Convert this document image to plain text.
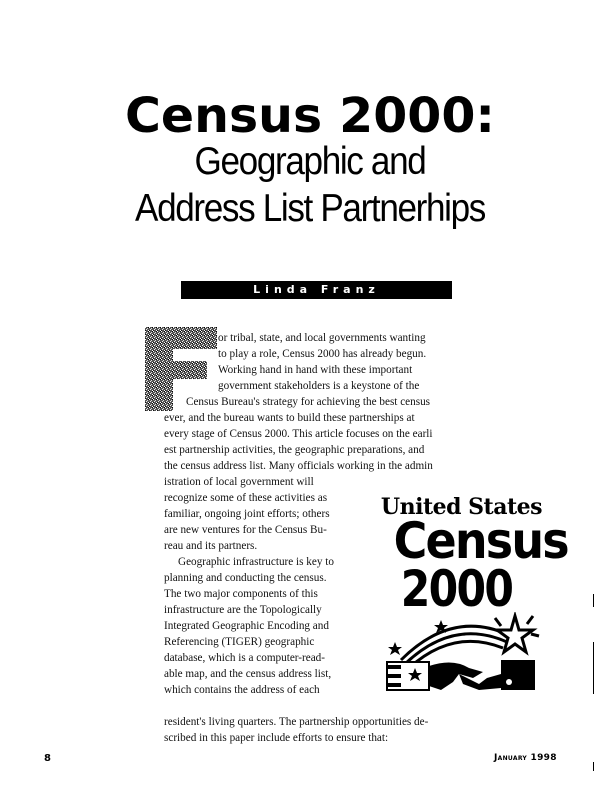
Census 2000:
Geographic and
Address List Partnerhips
Linda Franz
or tribal, state, and local governments wanting
to play a role, Census 2000 has already begun.
Working hand in hand with these important
government stakeholders is a keystone of the
Census Bureau's strategy for achieving the best census
ever, and the bureau wants to build these partnerships at
every stage of Census 2000. This article focuses on the earli
est partnership activities, the geographic preparations, and
the census address list. Many officials working in the admin
istration of local government will
recognize some of these activities as
familiar, ongoing joint efforts; others
are new ventures for the Census Bu-
reau and its partners.
Geographic infrastructure is key to
planning and conducting the census.
The two major components of this
infrastructure are the Topologically
Integrated Geographic Encoding and
Referencing (TIGER) geographic
database, which is a computer-read-
able map, and the census address list,
which contains the address of each
resident's living quarters. The partnership opportunities de-
scribed in this paper include efforts to ensure that:
United States
Census
2000
8	January 1998
